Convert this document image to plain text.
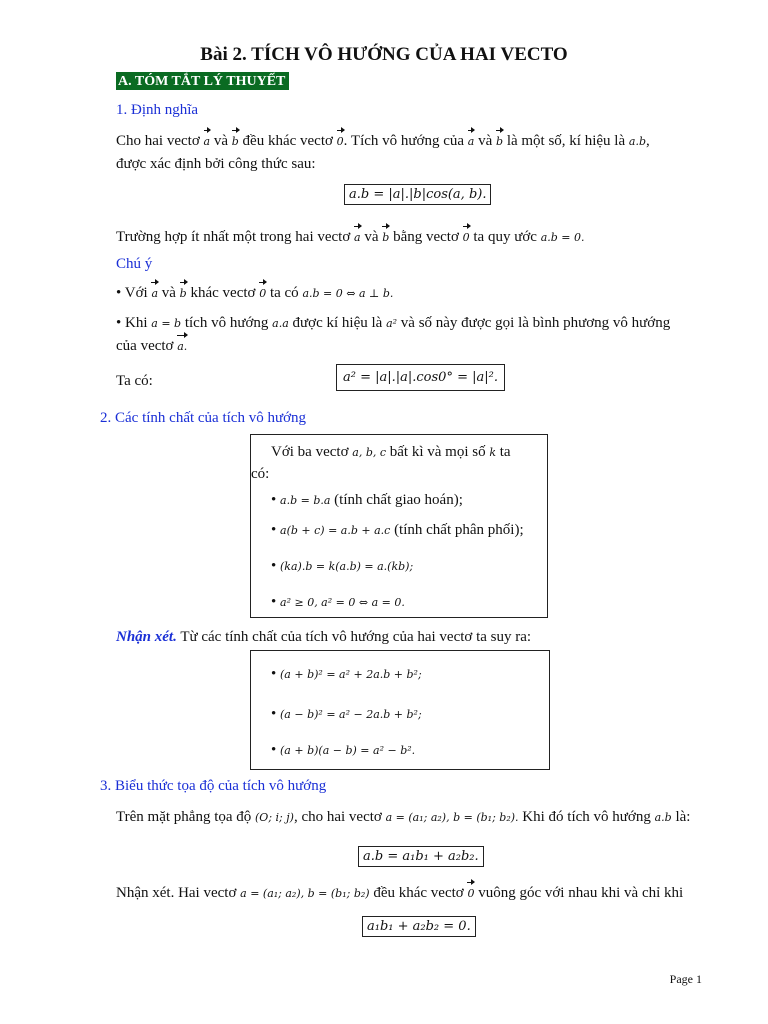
Bài 2. TÍCH VÔ HƯỚNG CỦA HAI VECTO
A. TÓM TẮT LÝ THUYẾT
1. Định nghĩa
Cho hai vectơ a và b đều khác vectơ 0. Tích vô hướng của a và b là một số, kí hiệu là a.b,
được xác định bởi công thức sau:
a.b = |a|.|b|cos(a, b).
Trường hợp ít nhất một trong hai vectơ a và b bằng vectơ 0 ta quy ước a.b = 0.
Chú ý
• Với a và b khác vectơ 0 ta có a.b = 0 ⇔ a ⊥ b.
• Khi a = b tích vô hướng a.a được kí hiệu là a² và số này được gọi là bình phương vô hướng
của vectơ a.
Ta có:	a² = |a|.|a|.cos0° = |a|².
2. Các tính chất của tích vô hướng
Với ba vectơ a, b, c bất kì và mọi số k ta
có:
• a.b = b.a (tính chất giao hoán);
• a(b + c) = a.b + a.c (tính chất phân phối);
• (ka).b = k(a.b) = a.(kb);
• a² ≥ 0, a² = 0 ⇔ a = 0.
Nhận xét. Từ các tính chất của tích vô hướng của hai vectơ ta suy ra:
• (a + b)² = a² + 2a.b + b²;
• (a − b)² = a² − 2a.b + b²;
• (a + b)(a − b) = a² − b².
3. Biểu thức tọa độ của tích vô hướng
Trên mặt phẳng tọa độ (O; i; j), cho hai vectơ a = (a₁; a₂), b = (b₁; b₂). Khi đó tích vô hướng a.b là:
a.b = a₁b₁ + a₂b₂.
Nhận xét. Hai vectơ a = (a₁; a₂), b = (b₁; b₂) đều khác vectơ 0 vuông góc với nhau khi và chỉ khi
a₁b₁ + a₂b₂ = 0.
Page 1
